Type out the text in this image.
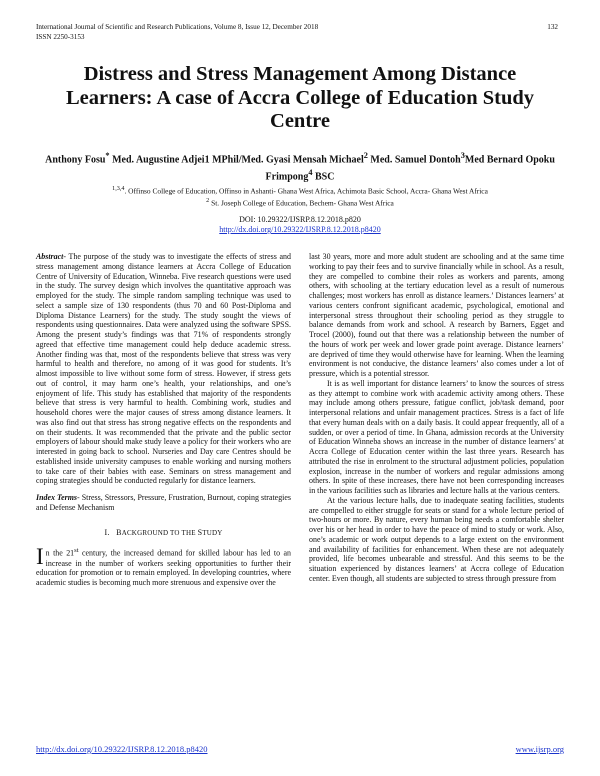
International Journal of Scientific and Research Publications, Volume 8, Issue 12, December 2018	132
ISSN 2250-3153
Distress and Stress Management Among Distance Learners: A case of Accra College of Education Study Centre
Anthony Fosu* Med. Augustine Adjei1 MPhil/Med. Gyasi Mensah Michael$^2$ Med. Samuel Dontoh$^3$Med Bernard Opoku Frimpong$^4$ BSC
$^{1,3,4}$. Offinso College of Education, Offinso in Ashanti- Ghana West Africa, Achimota Basic School, Accra- Ghana West Africa
$^2$ St. Joseph College of Education, Bechem- Ghana West Africa
DOI: 10.29322/IJSRP.8.12.2018.p820
http://dx.doi.org/10.29322/IJSRP.8.12.2018.p8420

Abstract- The purpose of the study was to investigate the effects of stress and stress management among distance learners at Accra College of Education Centre of University of Education, Winneba. Five research questions were used in the study. The survey design which involves the quantitative approach was employed for the study. The simple random sampling technique was used to select a sample size of 130 respondents (thus 70 and 60 Post-Diploma and Diploma Distance Learners) for the study. The study sought the views of respondents using questionnaires. Data were analyzed using the software SPSS. Among the present study’s findings was that 71% of respondents strongly agreed that effective time management could help deduce academic stress. Another finding was that, most of the respondents believe that stress was very harmful to health and therefore, no among of it was good for students. It’s almost impossible to live without some form of stress. However, if stress gets out of control, it may harm one’s health, your relationships, and one’s enjoyment of life. This study has established that majority of the respondents believe that stress is very harmful to health. Combining work, studies and household chores were the major causes of stress among distance learners. It was also find out that stress has strong negative effects on the respondents and on their students. It was recommended that the private and the public sector employers of labour should make study leave a policy for their workers who are interested in going back to school. Nurseries and Day care Centres should be established inside university campuses to enable working and nursing mothers to take care of their babies with ease. Seminars on stress management and coping strategies should be conducted regularly for distance learners.

Index Terms- Stress, Stressors, Pressure, Frustration, Burnout, coping strategies and Defense Mechanism

I. BACKGROUND TO THE STUDY

In the 21st century, the increased demand for skilled labour has led to an increase in the number of workers seeking opportunities to further their education for promotion or to remain employed. In developing countries, where academic studies is becoming much more strenuous and expensive over the

last 30 years, more and more adult student are schooling and at the same time working to pay their fees and to survive financially while in school. As a result, they are compelled to combine their roles as workers and parents, among others, with schooling at the tertiary education level as a result of numerous challenges; most workers has enroll as distance learners.’ Distances learners’ at various centers confront significant academic, psychological, emotional and interpersonal stress throughout their schooling period as they struggle to balance demands from work and school. A research by Barners, Egget and Trocel (2000), found out that there was a relationship between the number of the hours of work per week and lower grade point average. Distance learners’ are deprived of time they would otherwise have for learning. When the learning environment is not conducive, the distance learners’ also comes under a lot of pressure, which is a potential stressor.

It is as well important for distance learners’ to know the sources of stress as they attempt to combine work with academic activity among others. These may include among others pressure, fatigue conflict, job/task demand, poor interpersonal relations and unfair management practices. Stress is a fact of life that every human deals with on a daily basis. It could appear frequently, all of a sudden, or over a period of time. In Ghana, admission records at the University of Education Winneba shows an increase in the number of distance learners’ at Accra College of Education center within the last three years. Research has attributed the rise in enrolment to the structural adjustment policies, population explosion, increase in the number of workers and regular admissions among others. In spite of these increases, there have not been corresponding increases in the various facilities such as libraries and lecture halls at the various centers.

At the various lecture halls, due to inadequate seating facilities, students are compelled to either struggle for seats or stand for a whole lecture period of two-hours or more. By nature, every human being needs a comfortable shelter over his or her head in order to have the peace of mind to study or work. Also, one’s academic or work output depends to a large extent on the environment and availability of facilities for enhancement. When these are not adequately provided, life becomes unbearable and stressful. And this seems to be the situation experienced by distances learners’ at Accra college of Education center. Even though, all students are subjected to stress through pressure from

http://dx.doi.org/10.29322/IJSRP.8.12.2018.p8420	www.ijsrp.org
